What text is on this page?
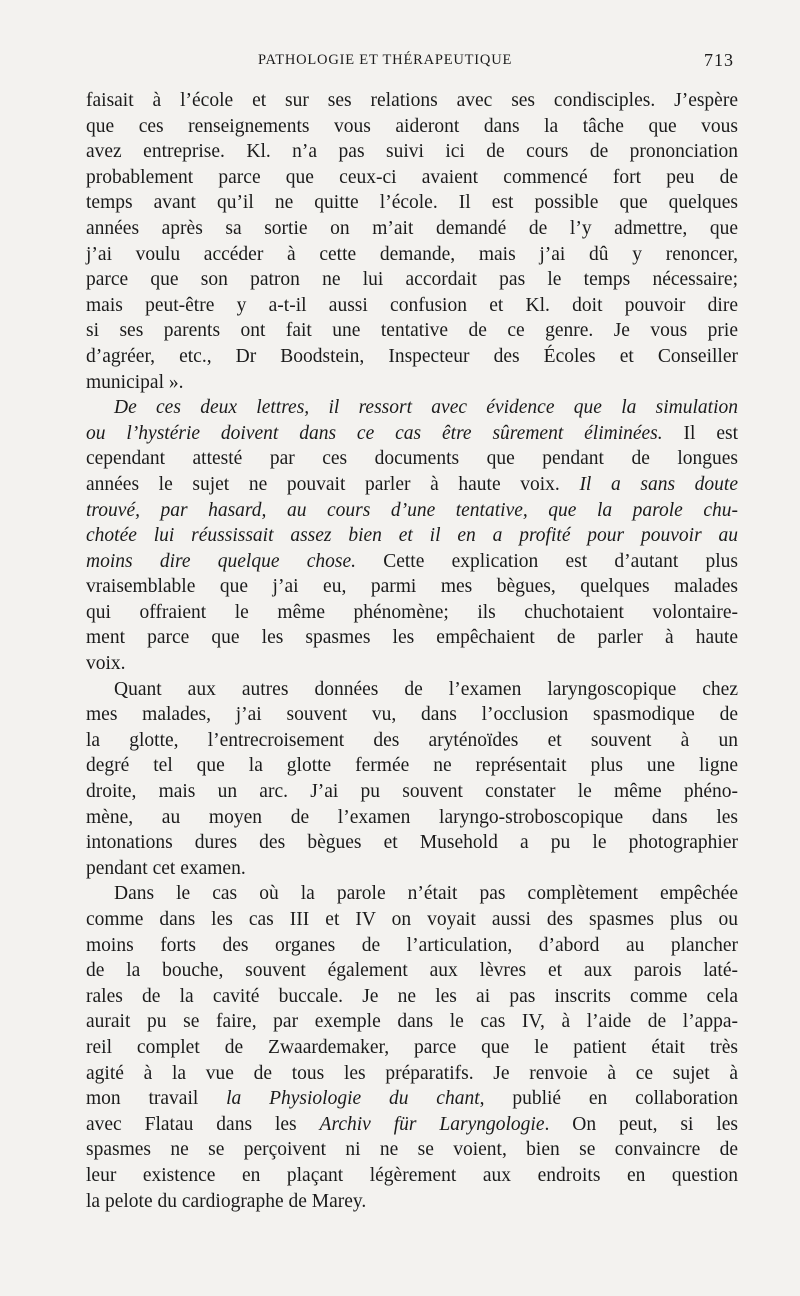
PATHOLOGIE ET THÉRAPEUTIQUE	713
faisait à l’école et sur ses relations avec ses condisciples. J’espère
que ces renseignements vous aideront dans la tâche que vous
avez entreprise. Kl. n’a pas suivi ici de cours de prononciation
probablement parce que ceux-ci avaient commencé fort peu de
temps avant qu’il ne quitte l’école. Il est possible que quelques
années après sa sortie on m’ait demandé de l’y admettre, que
j’ai voulu accéder à cette demande, mais j’ai dû y renoncer,
parce que son patron ne lui accordait pas le temps nécessaire;
mais peut-être y a-t-il aussi confusion et Kl. doit pouvoir dire
si ses parents ont fait une tentative de ce genre. Je vous prie
d’agréer, etc., Dr Boodstein, Inspecteur des Écoles et Conseiller
municipal ».
De ces deux lettres, il ressort avec évidence que la simulation
ou l’hystérie doivent dans ce cas être sûrement éliminées. Il est
cependant attesté par ces documents que pendant de longues
années le sujet ne pouvait parler à haute voix. Il a sans doute
trouvé, par hasard, au cours d’une tentative, que la parole chu-
chotée lui réussissait assez bien et il en a profité pour pouvoir au
moins dire quelque chose. Cette explication est d’autant plus
vraisemblable que j’ai eu, parmi mes bègues, quelques malades
qui offraient le même phénomène; ils chuchotaient volontaire-
ment parce que les spasmes les empêchaient de parler à haute
voix.
Quant aux autres données de l’examen laryngoscopique chez
mes malades, j’ai souvent vu, dans l’occlusion spasmodique de
la glotte, l’entrecroisement des aryténoïdes et souvent à un
degré tel que la glotte fermée ne représentait plus une ligne
droite, mais un arc. J’ai pu souvent constater le même phéno-
mène, au moyen de l’examen laryngo-stroboscopique dans les
intonations dures des bègues et Musehold a pu le photographier
pendant cet examen.
Dans le cas où la parole n’était pas complètement empêchée
comme dans les cas III et IV on voyait aussi des spasmes plus ou
moins forts des organes de l’articulation, d’abord au plancher
de la bouche, souvent également aux lèvres et aux parois laté-
rales de la cavité buccale. Je ne les ai pas inscrits comme cela
aurait pu se faire, par exemple dans le cas IV, à l’aide de l’appa-
reil complet de Zwaardemaker, parce que le patient était très
agité à la vue de tous les préparatifs. Je renvoie à ce sujet à
mon travail la Physiologie du chant, publié en collaboration
avec Flatau dans les Archiv für Laryngologie. On peut, si les
spasmes ne se perçoivent ni ne se voient, bien se convaincre de
leur existence en plaçant légèrement aux endroits en question
la pelote du cardiographe de Marey.
